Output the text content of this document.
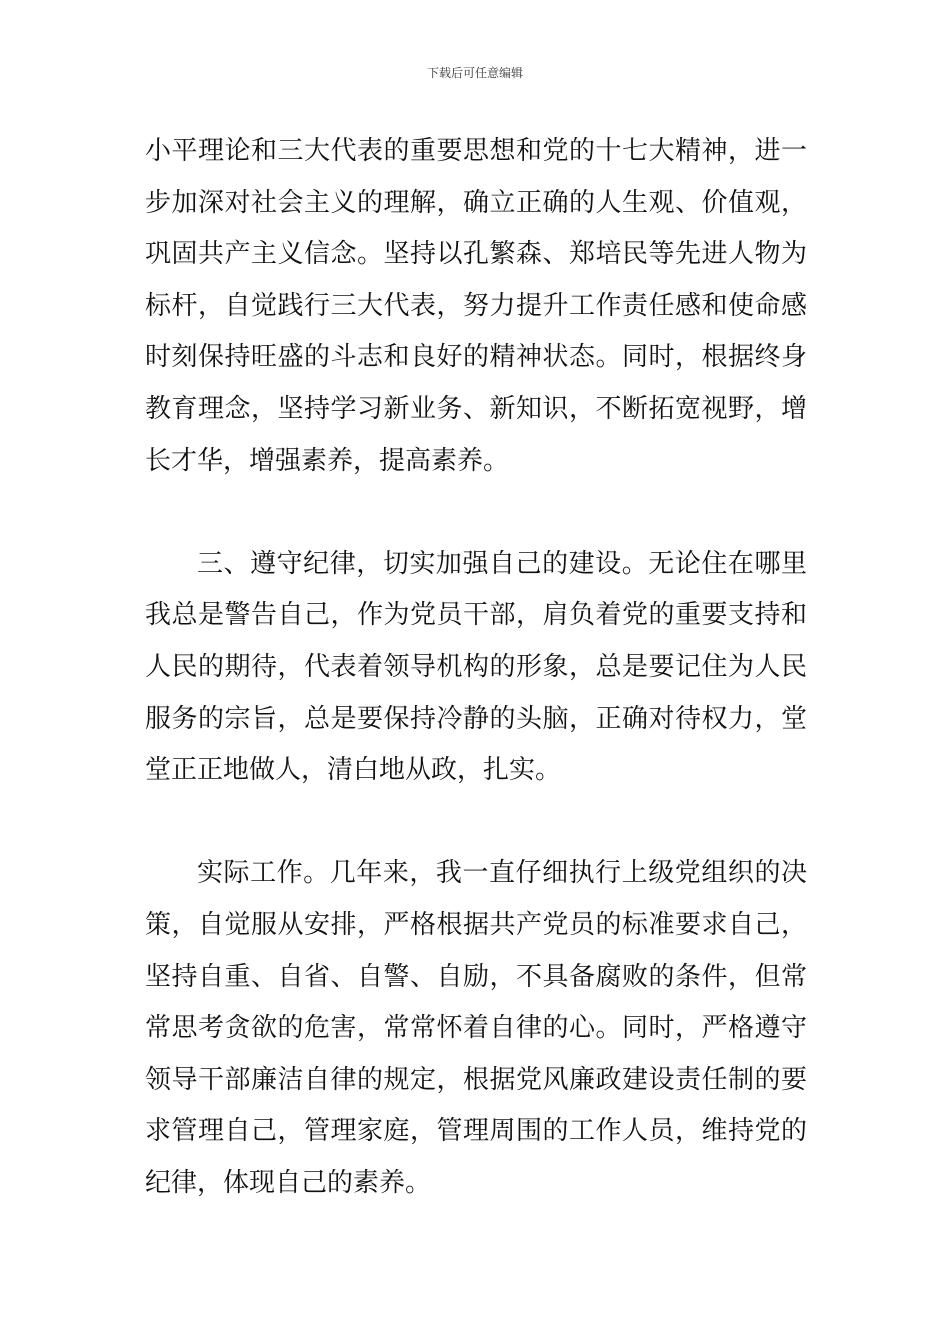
下载后可任意编辑

小平理论和三大代表的重要思想和党的十七大精神，进一步加深对社会主义的理解，确立正确的人生观、价值观，巩固共产主义信念。坚持以孔繁森、郑培民等先进人物为标杆，自觉践行三大代表，努力提升工作责任感和使命感时刻保持旺盛的斗志和良好的精神状态。同时，根据终身教育理念，坚持学习新业务、新知识，不断拓宽视野，增长才华，增强素养，提高素养。

三、遵守纪律，切实加强自己的建设。无论住在哪里我总是警告自己，作为党员干部，肩负着党的重要支持和人民的期待，代表着领导机构的形象，总是要记住为人民服务的宗旨，总是要保持冷静的头脑，正确对待权力，堂堂正正地做人，清白地从政，扎实。

实际工作。几年来，我一直仔细执行上级党组织的决策，自觉服从安排，严格根据共产党员的标准要求自己，坚持自重、自省、自警、自励，不具备腐败的条件，但常常思考贪欲的危害，常常怀着自律的心。同时，严格遵守领导干部廉洁自律的规定，根据党风廉政建设责任制的要求管理自己，管理家庭，管理周围的工作人员，维持党的纪律，体现自己的素养。
